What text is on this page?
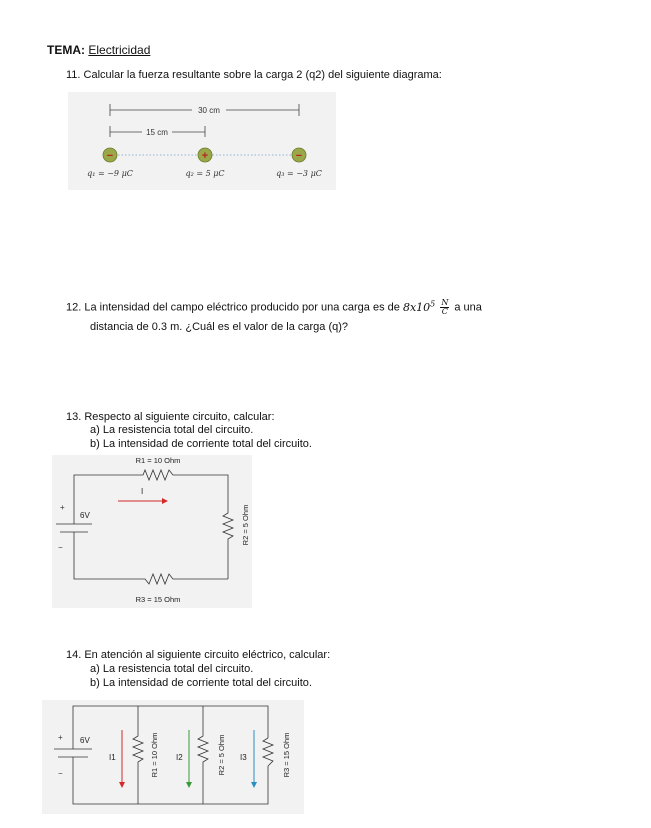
TEMA: Electricidad
11. Calcular la fuerza resultante sobre la carga 2 (q2) del siguiente diagrama:
30 cm
15 cm
−	+	−
q₁ = −9 μC	q₂ = 5 μC	q₃ = −3 μC
12. La intensidad del campo eléctrico producido por una carga es de $8x10^5 \frac{N}{C}$ a una
distancia de 0.3 m. ¿Cuál es el valor de la carga (q)?
13. Respecto al siguiente circuito, calcular:
a) La resistencia total del circuito.
b) La intensidad de corriente total del circuito.
R1 = 10 Ohm
+
−
6V
I
R2 = 5 Ohm
R3 = 15 Ohm
14. En atención al siguiente circuito eléctrico, calcular:
a) La resistencia total del circuito.
b) La intensidad de corriente total del circuito.
+
−
6V
I1	I2	I3
R1 = 10 Ohm	R2 = 5 Ohm	R3 = 15 Ohm
